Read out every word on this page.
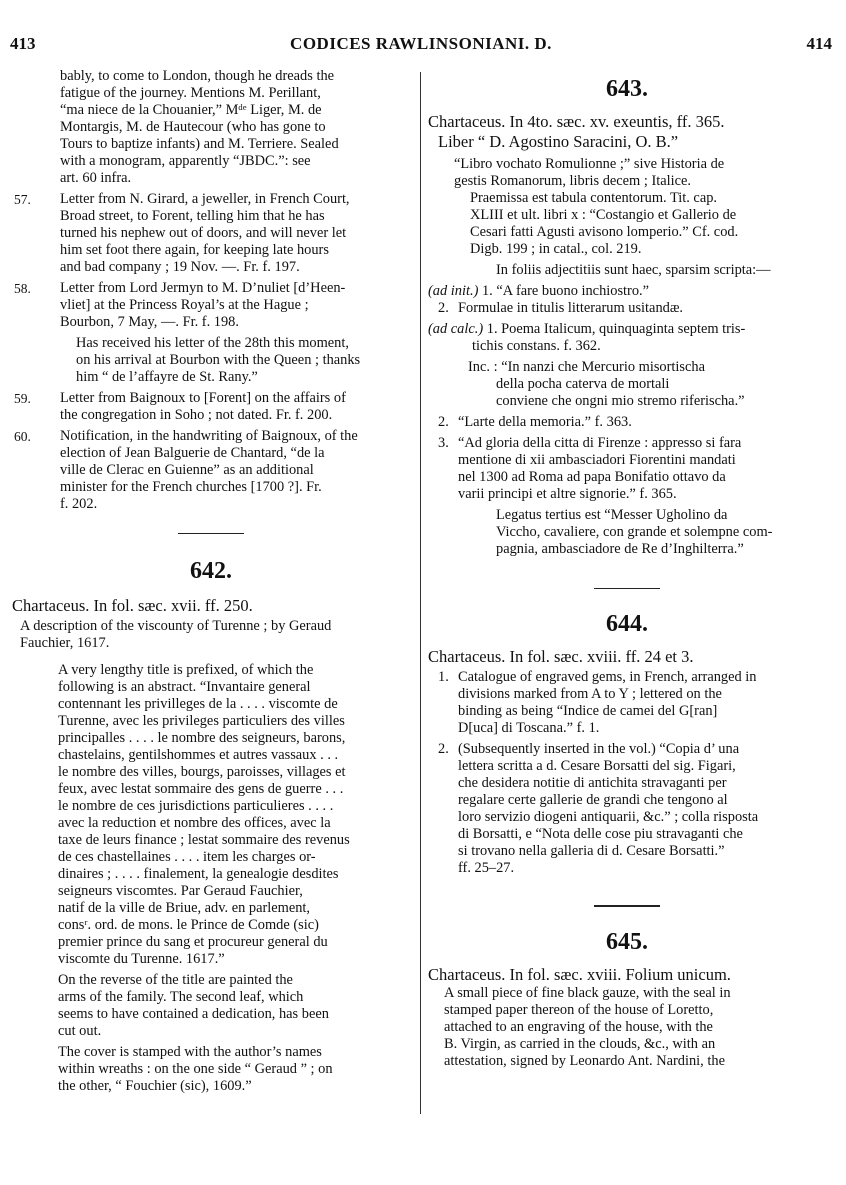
413	CODICES RAWLINSONIANI. D.	414
bably, to come to London, though he dreads the
fatigue of the journey. Mentions M. Perillant,
“ma niece de la Chouanier,” Mᵈᵉ Liger, M. de
Montargis, M. de Hautecour (who has gone to
Tours to baptize infants) and M. Terriere. Sealed
with a monogram, apparently “JBDC.”: see
art. 60 infra.
57. Letter from N. Girard, a jeweller, in French Court,
Broad street, to Forent, telling him that he has
turned his nephew out of doors, and will never let
him set foot there again, for keeping late hours
and bad company ; 19 Nov. —. Fr. f. 197.
58. Letter from Lord Jermyn to M. D’nuliet [d’Heen-
vliet] at the Princess Royal’s at the Hague ;
Bourbon, 7 May, —. Fr. f. 198.
Has received his letter of the 28th this moment,
on his arrival at Bourbon with the Queen ; thanks
him “ de l’affayre de St. Rany.”
59. Letter from Baignoux to [Forent] on the affairs of
the congregation in Soho ; not dated. Fr. f. 200.
60. Notification, in the handwriting of Baignoux, of the
election of Jean Balguerie de Chantard, “de la
ville de Clerac en Guienne” as an additional
minister for the French churches [1700 ?]. Fr.
f. 202.

642.

Chartaceus. In fol. sæc. xvii. ff. 250.

A description of the viscounty of Turenne ; by Geraud
Fauchier, 1617.
A very lengthy title is prefixed, of which the
following is an abstract. “Invantaire general
contennant les privilleges de la . . . . viscomte de
Turenne, avec les privileges particuliers des villes
principalles . . . . le nombre des seigneurs, barons,
chastelains, gentilshommes et autres vassaux . . .
le nombre des villes, bourgs, paroisses, villages et
feux, avec lestat sommaire des gens de guerre . . .
le nombre de ces jurisdictions particulieres . . . .
avec la reduction et nombre des offices, avec la
taxe de leurs finance ; lestat sommaire des revenus
de ces chastellaines . . . . item les charges or-
dinaires ; . . . . finalement, la genealogie desdites
seigneurs viscomtes. Par Geraud Fauchier,
natif de la ville de Briue, adv. en parlement,
consʳ. ord. de mons. le Prince de Comde (sic)
premier prince du sang et procureur general du
viscomte du Turenne. 1617.”
On the reverse of the title are painted the
arms of the family. The second leaf, which
seems to have contained a dedication, has been
cut out.
The cover is stamped with the author’s names
within wreaths : on the one side “ Geraud ” ; on
the other, “ Fouchier (sic), 1609.”

643.

Chartaceus. In 4to. sæc. xv. exeuntis, ff. 365.

Liber “ D. Agostino Saracini, O. B.”

“Libro vochato Romulionne ;” sive Historia de
gestis Romanorum, libris decem ; Italice.
Praemissa est tabula contentorum. Tit. cap.
XLIII et ult. libri x : “Costangio et Gallerio de
Cesari fatti Agusti avisono lomperio.” Cf. cod.
Digb. 199 ; in catal., col. 219.

In foliis adjectitiis sunt haec, sparsim scripta:—

(ad init.) 1. “A fare buono inchiostro.”

2. Formulae in titulis litterarum usitandæ.
(ad calc.) 1. Poema Italicum, quinquaginta septem tris-
tichis constans. f. 362.
Inc. : “In nanzi che Mercurio misortischa
della pocha caterva de mortali
conviene che ongni mio stremo riferischa.”
2. “Larte della memoria.” f. 363.
3. “Ad gloria della citta di Firenze : appresso si fara
mentione di xii ambasciadori Fiorentini mandati
nel 1300 ad Roma ad papa Bonifatio ottavo da
varii principi et altre signorie.” f. 365.
Legatus tertius est “Messer Ugholino da
Viccho, cavaliere, con grande et solempne com-
pagnia, ambasciadore de Re d’Inghilterra.”

644.

Chartaceus. In fol. sæc. xviii. ff. 24 et 3.

1. Catalogue of engraved gems, in French, arranged in
divisions marked from A to Y ; lettered on the
binding as being “Indice de camei del G[ran]
D[uca] di Toscana.” f. 1.
2. (Subsequently inserted in the vol.) “Copia d’ una
lettera scritta a d. Cesare Borsatti del sig. Figari,
che desidera notitie di antichita stravaganti per
regalare certe gallerie de grandi che tengono al
loro servizio diogeni antiquarii, &c.” ; colla risposta
di Borsatti, e “Nota delle cose piu stravaganti che
si trovano nella galleria di d. Cesare Borsatti.”
ff. 25–27.

645.

Chartaceus. In fol. sæc. xviii. Folium unicum.

A small piece of fine black gauze, with the seal in
stamped paper thereon of the house of Loretto,
attached to an engraving of the house, with the
B. Virgin, as carried in the clouds, &c., with an
attestation, signed by Leonardo Ant. Nardini, the
